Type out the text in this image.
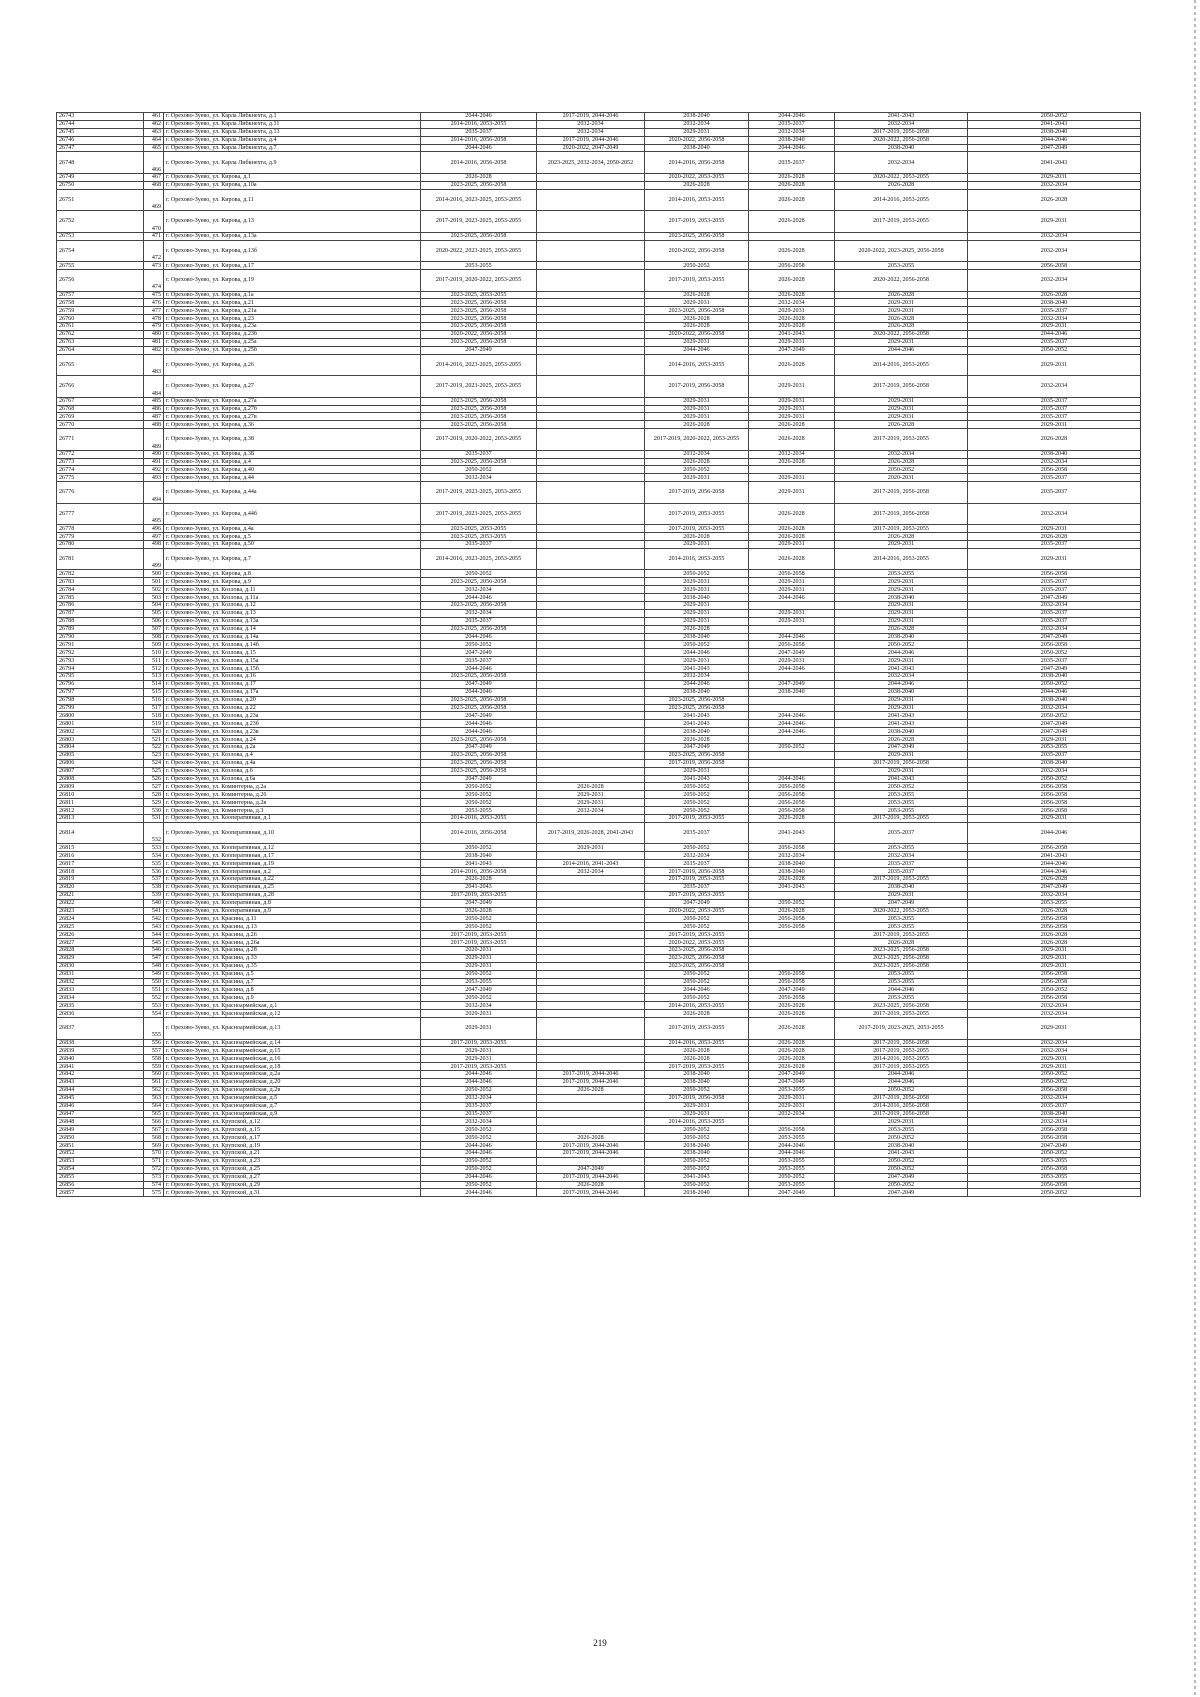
26743	461	г. Орехово-Зуево, ул. Карла Либкнехта, д.1	2044-2046	2017-2019, 2044-2046	2038-2040	2044-2046	2041-2043	2050-2052
26744	462	г. Орехово-Зуево, ул. Карла Либкнехта, д.11	2014-2016, 2053-2055	2032-2034	2032-2034	2035-2037	2032-2034	2041-2043
26745	463	г. Орехово-Зуево, ул. Карла Либкнехта, д.13	2035-2037	2032-2034	2029-2031	2032-2034	2017-2019, 2056-2058	2038-2040
26746	464	г. Орехово-Зуево, ул. Карла Либкнехта, д.4	2014-2016, 2056-2058	2017-2019, 2044-2046	2020-2022, 2056-2058	2038-2040	2020-2022, 2056-2058	2044-2046
26747	465	г. Орехово-Зуево, ул. Карла Либкнехта, д.7	2044-2046	2020-2022, 2047-2049	2038-2040	2044-2046	2038-2040	2047-2049
26748	466	г. Орехово-Зуево, ул. Карла Либкнехта, д.9	2014-2016, 2056-2058	2023-2025, 2032-2034, 2050-2052	2014-2016, 2056-2058	2035-2037	2032-2034	2041-2043
26749	467	г. Орехово-Зуево, ул. Кирова, д.1	2026-2028		2020-2022, 2053-2055	2026-2028	2020-2022, 2053-2055	2029-2031
26750	468	г. Орехово-Зуево, ул. Кирова, д.10а	2023-2025, 2056-2058		2026-2028	2026-2028	2026-2028	2032-2034
26751	469	г. Орехово-Зуево, ул. Кирова, д.11	2014-2016, 2023-2025, 2053-2055		2014-2016, 2053-2055	2026-2028	2014-2016, 2053-2055	2026-2028
26752	470	г. Орехово-Зуево, ул. Кирова, д.13	2017-2019, 2023-2025, 2053-2055		2017-2019, 2053-2055	2026-2028	2017-2019, 2053-2055	2029-2031
26753	471	г. Орехово-Зуево, ул. Кирова, д.13а	2023-2025, 2056-2058		2023-2025, 2056-2058			2032-2034
26754	472	г. Орехово-Зуево, ул. Кирова, д.13б	2020-2022, 2023-2025, 2053-2055		2020-2022, 2056-2058	2026-2028	2020-2022, 2023-2025, 2056-2058	2032-2034
26755	473	г. Орехово-Зуево, ул. Кирова, д.17	2053-2055		2050-2052	2056-2058	2053-2055	2056-2058
26756	474	г. Орехово-Зуево, ул. Кирова, д.19	2017-2019, 2020-2022, 2053-2055		2017-2019, 2053-2055	2026-2028	2020-2022, 2056-2058	2032-2034
26757	475	г. Орехово-Зуево, ул. Кирова, д.1а	2023-2025, 2053-2055		2026-2028	2026-2028	2026-2028	2026-2028
26758	476	г. Орехово-Зуево, ул. Кирова, д.21	2023-2025, 2056-2058		2029-2031	2032-2034	2029-2031	2038-2040
26759	477	г. Орехово-Зуево, ул. Кирова, д.21а	2023-2025, 2056-2058		2023-2025, 2056-2058	2029-2031	2029-2031	2035-2037
26760	478	г. Орехово-Зуево, ул. Кирова, д.23	2023-2025, 2056-2058		2026-2028	2026-2028	2026-2028	2032-2034
26761	479	г. Орехово-Зуево, ул. Кирова, д.23а	2023-2025, 2056-2058		2026-2028	2026-2028	2026-2028	2029-2031
26762	480	г. Орехово-Зуево, ул. Кирова, д.23б	2020-2022, 2056-2058		2020-2022, 2056-2058	2041-2043	2020-2022, 2056-2058	2044-2046
26763	481	г. Орехово-Зуево, ул. Кирова, д.25а	2023-2025, 2056-2058		2029-2031	2029-2031	2029-2031	2035-2037
26764	482	г. Орехово-Зуево, ул. Кирова, д.25б	2047-2049		2044-2046	2047-2049	2044-2046	2050-2052
26765	483	г. Орехово-Зуево, ул. Кирова, д.26	2014-2016, 2023-2025, 2053-2055		2014-2016, 2053-2055	2026-2028	2014-2016, 2053-2055	2029-2031
26766	484	г. Орехово-Зуево, ул. Кирова, д.27	2017-2019, 2023-2025, 2053-2055		2017-2019, 2056-2058	2029-2031	2017-2019, 2056-2058	2032-2034
26767	485	г. Орехово-Зуево, ул. Кирова, д.27а	2023-2025, 2056-2058		2029-2031	2029-2031	2029-2031	2035-2037
26768	486	г. Орехово-Зуево, ул. Кирова, д.27б	2023-2025, 2056-2058		2029-2031	2029-2031	2029-2031	2035-2037
26769	487	г. Орехово-Зуево, ул. Кирова, д.27в	2023-2025, 2056-2058		2029-2031	2029-2031	2029-2031	2035-2037
26770	488	г. Орехово-Зуево, ул. Кирова, д.36	2023-2025, 2056-2058		2026-2028	2026-2028	2026-2028	2029-2031
26771	489	г. Орехово-Зуево, ул. Кирова, д.38	2017-2019, 2020-2022, 2053-2055		2017-2019, 2020-2022, 2053-2055	2026-2028	2017-2019, 2053-2055	2026-2028
26772	490	г. Орехово-Зуево, ул. Кирова, д.3Б	2035-2037		2032-2034	2032-2034	2032-2034	2038-2040
26773	491	г. Орехово-Зуево, ул. Кирова, д.4	2023-2025, 2056-2058		2026-2028	2026-2028	2026-2028	2032-2034
26774	492	г. Орехово-Зуево, ул. Кирова, д.40	2050-2052		2050-2052		2050-2052	2056-2058
26775	493	г. Орехово-Зуево, ул. Кирова, д.44	2032-2034		2029-2031	2029-2031	2020-2031	2035-2037
26776	494	г. Орехово-Зуево, ул. Кирова, д.44а	2017-2019, 2023-2025, 2053-2055		2017-2019, 2056-2058	2029-2031	2017-2019, 2056-2058	2035-2037
26777	495	г. Орехово-Зуево, ул. Кирова, д.44б	2017-2019, 2023-2025, 2053-2055		2017-2019, 2053-2055	2026-2028	2017-2019, 2056-2058	2032-2034
26778	496	г. Орехово-Зуево, ул. Кирова, д.4а	2023-2025, 2053-2055		2017-2019, 2053-2055	2026-2028	2017-2019, 2053-2055	2029-2031
26779	497	г. Орехово-Зуево, ул. Кирова, д.5	2023-2025, 2053-2055		2026-2028	2026-2028	2026-2028	2026-2028
26780	498	г. Орехово-Зуево, ул. Кирова, д.50	2035-2037		2029-2031	2029-2031	2029-2031	2035-2037
26781	499	г. Орехово-Зуево, ул. Кирова, д.7	2014-2016, 2023-2025, 2053-2055		2014-2016, 2053-2055	2026-2028	2014-2016, 2053-2055	2029-2031
26782	500	г. Орехово-Зуево, ул. Кирова, д.8	2050-2052		2050-2052	2056-2058	2053-2055	2056-2058
26783	501	г. Орехово-Зуево, ул. Кирова, д.9	2023-2025, 2056-2058		2029-2031	2029-2031	2029-2031	2035-2037
26784	502	г. Орехово-Зуево, ул. Козлова, д.11	2032-2034		2029-2031	2029-2031	2029-2031	2035-2037
26785	503	г. Орехово-Зуево, ул. Козлова, д.11а	2044-2046		2038-2040	2044-2046	2038-2040	2047-2049
26786	504	г. Орехово-Зуево, ул. Козлова, д.12	2023-2025, 2056-2058		2029-2031		2029-2031	2032-2034
26787	505	г. Орехово-Зуево, ул. Козлова, д.13	2032-2034		2029-2031	2029-2031	2029-2031	2035-2037
26788	506	г. Орехово-Зуево, ул. Козлова, д.13а	2035-2037		2029-2031	2029-2031	2029-2031	2035-2037
26789	507	г. Орехово-Зуево, ул. Козлова, д.14	2023-2025, 2056-2058		2026-2028		2026-2028	2032-2034
26790	508	г. Орехово-Зуево, ул. Козлова, д.14а	2044-2046		2038-2040	2044-2046	2038-2040	2047-2049
26791	509	г. Орехово-Зуево, ул. Козлова, д.14б	2050-2052		2050-2052	2056-2058	2050-2052	2056-2058
26792	510	г. Орехово-Зуево, ул. Козлова, д.15	2047-2049		2044-2046	2047-2049	2044-2046	2050-2052
26793	511	г. Орехово-Зуево, ул. Козлова, д.15а	2035-2037		2029-2031	2029-2031	2029-2031	2035-2037
26794	512	г. Орехово-Зуево, ул. Козлова, д.15б	2044-2046		2041-2043	2044-2046	2041-2043	2047-2049
26795	513	г. Орехово-Зуево, ул. Козлова, д.16	2023-2025, 2056-2058		2032-2034		2032-2034	2038-2040
26796	514	г. Орехово-Зуево, ул. Козлова, д.17	2047-2049		2044-2046	2047-2049	2044-2046	2050-2052
26797	515	г. Орехово-Зуево, ул. Козлова, д.17а	2044-2046		2038-2040	2038-2040	2038-2040	2044-2046
26798	516	г. Орехово-Зуево, ул. Козлова, д.20	2023-2025, 2056-2058		2023-2025, 2056-2058		2029-2031	2038-2040
26799	517	г. Орехово-Зуево, ул. Козлова, д.22	2023-2025, 2056-2058		2023-2025, 2056-2058		2029-2031	2032-2034
26800	518	г. Орехово-Зуево, ул. Козлова, д.23а	2047-2049		2041-2043	2044-2046	2041-2043	2050-2052
26801	519	г. Орехово-Зуево, ул. Козлова, д.23б	2044-2046		2041-2043	2044-2046	2041-2043	2047-2049
26802	520	г. Орехово-Зуево, ул. Козлова, д.23в	2044-2046		2038-2040	2044-2046	2038-2040	2047-2049
26803	521	г. Орехово-Зуево, ул. Козлова, д.24	2023-2025, 2056-2058		2026-2028		2026-2028	2029-2031
26804	522	г. Орехово-Зуево, ул. Козлова, д.2а	2047-2049		2047-2049	2050-2052	2047-2049	2053-2055
26805	523	г. Орехово-Зуево, ул. Козлова, д.4	2023-2025, 2056-2058		2023-2025, 2056-2058		2029-2031	2035-2037
26806	524	г. Орехово-Зуево, ул. Козлова, д.4а	2023-2025, 2056-2058		2017-2019, 2056-2058		2017-2019, 2056-2058	2038-2040
26807	525	г. Орехово-Зуево, ул. Козлова, д.6	2023-2025, 2056-2058		2029-2031		2029-2031	2032-2034
26808	526	г. Орехово-Зуево, ул. Козлова, д.6а	2047-2049		2041-2043	2044-2046	2041-2043	2050-2052
26809	527	г. Орехово-Зуево, ул. Коминтерна, д.2а	2050-2052	2026-2028	2050-2052	2056-2058	2050-2052	2056-2058
26810	528	г. Орехово-Зуево, ул. Коминтерна, д.26	2050-2052	2029-2031	2050-2052	2056-2058	2053-2055	2056-2058
26811	529	г. Орехово-Зуево, ул. Коминтерна, д.2в	2050-2052	2029-2031	2050-2052	2056-2058	2053-2055	2056-2058
26812	530	г. Орехово-Зуево, ул. Коминтерна, д.3	2053-2055	2032-2034	2050-2052	2056-2058	2053-2055	2056-2058
26813	531	г. Орехово-Зуево, ул. Кооперативная, д.1	2014-2016, 2053-2055		2017-2019, 2053-2055	2026-2028	2017-2019, 2053-2055	2029-2031
26814	532	г. Орехово-Зуево, ул. Кооперативная, д.10	2014-2016, 2056-2058	2017-2019, 2026-2028, 2041-2043	2035-2037	2041-2043	2035-2037	2044-2046
26815	533	г. Орехово-Зуево, ул. Кооперативная, д.12	2050-2052	2029-2031	2050-2052	2056-2058	2053-2055	2056-2058
26816	534	г. Орехово-Зуево, ул. Кооперативная, д.17	2038-2040		2032-2034	2032-2034	2032-2034	2041-2043
26817	535	г. Орехово-Зуево, ул. Кооперативная, д.19	2041-2043	2014-2016, 2041-2043	2035-2037	2038-2040	2035-2037	2044-2046
26818	536	г. Орехово-Зуево, ул. Кооперативная, д.2	2014-2016, 2056-2058	2032-2034	2017-2019, 2056-2058	2038-2040	2035-2037	2044-2046
26819	537	г. Орехово-Зуево, ул. Кооперативная, д.22	2026-2028		2017-2019, 2053-2055	2026-2028	2017-2019, 2053-2055	2026-2028
26820	538	г. Орехово-Зуево, ул. Кооперативная, д.25	2041-2043		2035-2037	2041-2043	2038-2040	2047-2049
26821	539	г. Орехово-Зуево, ул. Кооперативная, д.28	2017-2019, 2053-2055		2017-2019, 2053-2055		2029-2031	2032-2034
26822	540	г. Орехово-Зуево, ул. Кооперативная, д.8	2047-2049		2047-2049	2050-2052	2047-2049	2053-2055
26823	541	г. Орехово-Зуево, ул. Кооперативная, д.9	2026-2028		2020-2022, 2053-2055	2026-2028	2020-2022, 2053-2055	2026-2028
26824	542	г. Орехово-Зуево, ул. Красина, д.11	2050-2052		2050-2052	2056-2058	2053-2055	2056-2058
26825	543	г. Орехово-Зуево, ул. Красина, д.13	2050-2052		2050-2052	2056-2058	2053-2055	2056-2058
26826	544	г. Орехово-Зуево, ул. Красина, д.26	2017-2019, 2053-2055		2017-2019, 2053-2055		2017-2019, 2053-2055	2026-2028
26827	545	г. Орехово-Зуево, ул. Красина, д.26а	2017-2019, 2053-2055		2020-2022, 2053-2055		2026-2028	2026-2028
26828	546	г. Орехово-Зуево, ул. Красина, д.28	2020-2031		2023-2025, 2056-2058		2023-2025, 2056-2058	2029-2031
26829	547	г. Орехово-Зуево, ул. Красина, д.33	2029-2031		2023-2025, 2056-2058		2023-2025, 2056-2058	2029-2031
26830	548	г. Орехово-Зуево, ул. Красина, д.35	2029-2031		2023-2025, 2056-2058		2023-2025, 2056-2058	2029-2031
26831	549	г. Орехово-Зуево, ул. Красина, д.5	2050-2052		2050-2052	2056-2058	2053-2055	2056-2058
26832	550	г. Орехово-Зуево, ул. Красина, д.7	2053-2055		2050-2052	2056-2058	2053-2055	2056-2058
26833	551	г. Орехово-Зуево, ул. Красина, д.8	2047-2049		2044-2046	2047-2049	2044-2046	2050-2052
26834	552	г. Орехово-Зуево, ул. Красина, д.9	2050-2052		2050-2052	2056-2058	2053-2055	2056-2058
26835	553	г. Орехово-Зуево, ул. Красноармейская, д.1	2032-2034		2014-2016, 2053-2055	2026-2028	2023-2025, 2056-2058	2032-2034
26836	554	г. Орехово-Зуево, ул. Красноармейская, д.12	2029-2031		2026-2028	2026-2028	2017-2019, 2053-2055	2032-2034
26837	555	г. Орехово-Зуево, ул. Красноармейская, д.13	2029-2031		2017-2019, 2053-2055	2026-2028	2017-2019, 2023-2025, 2053-2055	2029-2031
26838	556	г. Орехово-Зуево, ул. Красноармейская, д.14	2017-2019, 2053-2055		2014-2016, 2053-2055	2026-2028	2017-2019, 2056-2058	2032-2034
26839	557	г. Орехово-Зуево, ул. Красноармейская, д.15	2029-2031		2026-2028	2026-2028	2017-2019, 2053-2055	2032-2034
26840	558	г. Орехово-Зуево, ул. Красноармейская, д.16	2029-2031		2026-2028	2026-2028	2014-2016, 2053-2055	2029-2031
26841	559	г. Орехово-Зуево, ул. Красноармейская, д.18	2017-2019, 2053-2055		2017-2019, 2053-2055	2026-2028	2017-2019, 2053-2055	2029-2031
26842	560	г. Орехово-Зуево, ул. Красноармейская, д.2а	2044-2046	2017-2019, 2044-2046	2038-2040	2047-2049	2044-2046	2050-2052
26843	561	г. Орехово-Зуево, ул. Красноармейская, д.20	2044-2046	2017-2019, 2044-2046	2038-2040	2047-2049	2044-2046	2050-2052
26844	562	г. Орехово-Зуево, ул. Красноармейская, д.2в	2050-2052	2026-2028	2050-2052	2053-2055	2050-2052	2056-2058
26845	563	г. Орехово-Зуево, ул. Красноармейская, д.5	2032-2034		2017-2019, 2056-2058	2029-2031	2017-2019, 2056-2058	2032-2034
26846	564	г. Орехово-Зуево, ул. Красноармейская, д.7	2035-2037		2029-2031	2029-2031	2014-2016, 2056-2058	2035-2037
26847	565	г. Орехово-Зуево, ул. Красноармейская, д.9	2035-2037		2029-2031	2032-2034	2017-2019, 2056-2058	2038-2040
26848	566	г. Орехово-Зуево, ул. Крупской, д.12	2032-2034		2014-2016, 2053-2055		2029-2031	2032-2034
26849	567	г. Орехово-Зуево, ул. Крупской, д.15	2050-2052		2050-2052	2056-2058	2053-2055	2056-2058
26850	568	г. Орехово-Зуево, ул. Крупской, д.17	2050-2052	2026-2028	2050-2052	2053-2055	2050-2052	2056-2058
26851	569	г. Орехово-Зуево, ул. Крупской, д.19	2044-2046	2017-2019, 2044-2046	2038-2040	2044-2046	2038-2040	2047-2049
26852	570	г. Орехово-Зуево, ул. Крупской, д.21	2044-2046	2017-2019, 2044-2046	2038-2040	2044-2046	2041-2043	2050-2052
26853	571	г. Орехово-Зуево, ул. Крупской, д.23	2050-2052		2050-2052	2053-2055	2050-2052	2053-2055
26854	572	г. Орехово-Зуево, ул. Крупской, д.25	2050-2052	2047-2049	2050-2052	2053-2055	2050-2052	2056-2058
26855	573	г. Орехово-Зуево, ул. Крупской, д.27	2044-2046	2017-2019, 2044-2046	2041-2043	2050-2052	2047-2049	2053-2055
26856	574	г. Орехово-Зуево, ул. Крупской, д.29	2050-2052	2026-2028	2050-2052	2053-2055	2050-2052	2056-2058
26857	575	г. Орехово-Зуево, ул. Крупской, д.31	2044-2046	2017-2019, 2044-2046	2038-2040	2047-2049	2047-2049	2050-2052
219
